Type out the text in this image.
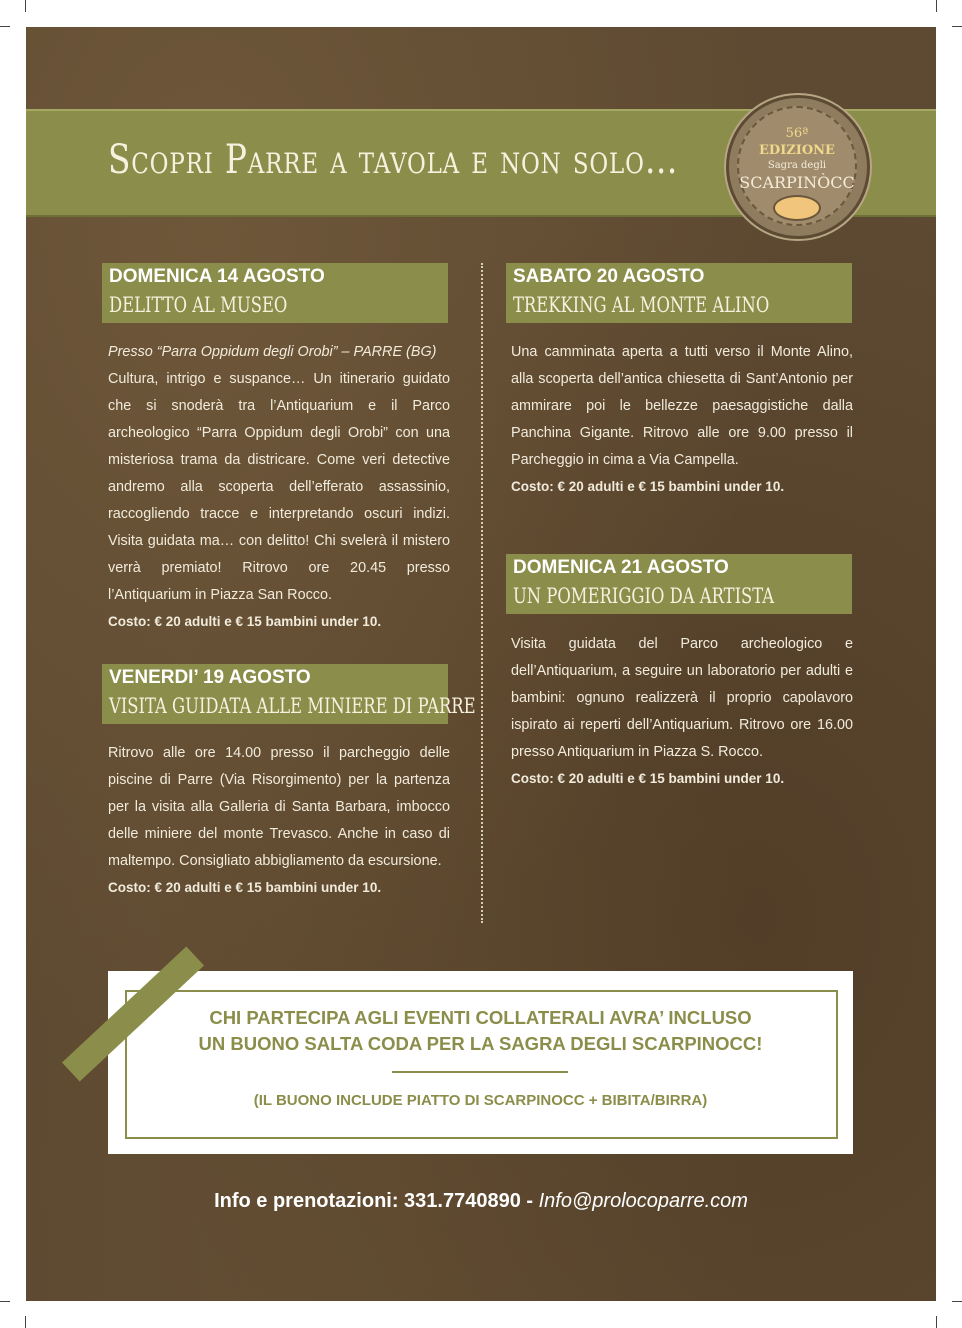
Scopri Parre a tavola e non solo…
56ª
EDIZIONE
Sagra degli
SCARPINÒCC
DOMENICA 14 AGOSTO
DELITTO AL MUSEO

Presso “Parra Oppidum degli Orobi” – PARRE (BG)

Cultura, intrigo e suspance… Un itinerario guidato che si snoderà tra l’Antiquarium e il Parco archeologico “Parra Oppidum degli Orobi” con una misteriosa trama da districare. Come veri detective andremo alla scoperta dell’efferato assassinio, raccogliendo tracce e interpretando oscuri indizi. Visita guidata ma… con delitto! Chi svelerà il mistero verrà premiato! Ritrovo ore 20.45 presso l’Antiquarium in Piazza San Rocco.

Costo: € 20 adulti e € 15 bambini under 10.

VENERDI’ 19 AGOSTO
VISITA GUIDATA ALLE MINIERE DI PARRE

Ritrovo alle ore 14.00 presso il parcheggio delle piscine di Parre (Via Risorgimento) per la partenza per la visita alla Galleria di Santa Barbara, imbocco delle miniere del monte Trevasco. Anche in caso di maltempo. Consigliato abbigliamento da escursione.

Costo: € 20 adulti e € 15 bambini under 10.

SABATO 20 AGOSTO
TREKKING AL MONTE ALINO

Una camminata aperta a tutti verso il Monte Alino, alla scoperta dell’antica chiesetta di Sant’Antonio per ammirare poi le bellezze paesaggistiche dalla Panchina Gigante. Ritrovo alle ore 9.00 presso il Parcheggio in cima a Via Campella.

Costo: € 20 adulti e € 15 bambini under 10.

DOMENICA 21 AGOSTO
UN POMERIGGIO DA ARTISTA

Visita guidata del Parco archeologico e dell’Antiquarium, a seguire un laboratorio per adulti e bambini: ognuno realizzerà il proprio capolavoro ispirato ai reperti dell’Antiquarium. Ritrovo ore 16.00 presso Antiquarium in Piazza S. Rocco.

Costo: € 20 adulti e € 15 bambini under 10.

CHI PARTECIPA AGLI EVENTI COLLATERALI AVRA’ INCLUSO
UN BUONO SALTA CODA PER LA SAGRA DEGLI SCARPINOCC!
(IL BUONO INCLUDE PIATTO DI SCARPINOCC + BIBITA/BIRRA)
Info e prenotazioni: 331.7740890 - Info@prolocoparre.com
